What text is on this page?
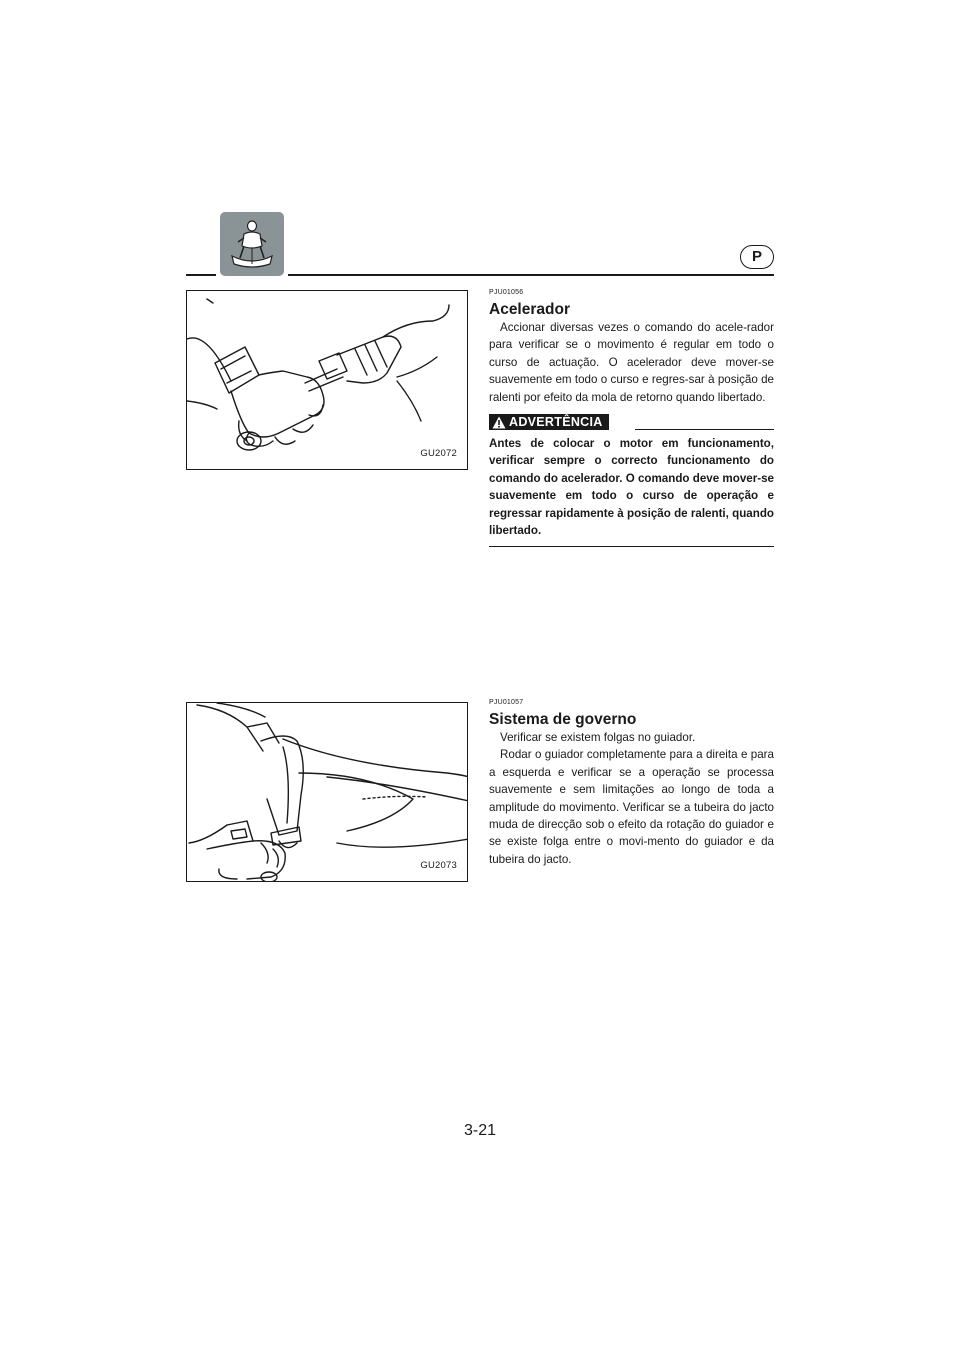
P
GU2072
GU2073
PJU01056
Acelerador

Accionar diversas vezes o comando do acele-rador para verificar se o movimento é regular em todo o curso de actuação. O acelerador deve mover-se suavemente em todo o curso e regres-sar à posição de ralenti por efeito da mola de retorno quando libertado.

ADVERTÊNCIA

Antes de colocar o motor em funcionamento, verificar sempre o correcto funcionamento do comando do acelerador. O comando deve mover-se suavemente em todo o curso de operação e regressar rapidamente à posição de ralenti, quando libertado.

PJU01057
Sistema de governo

Verificar se existem folgas no guiador.

Rodar o guiador completamente para a direita e para a esquerda e verificar se a operação se processa suavemente e sem limitações ao longo de toda a amplitude do movimento. Verificar se a tubeira do jacto muda de direcção sob o efeito da rotação do guiador e se existe folga entre o movi-mento do guiador e da tubeira do jacto.

3-21
